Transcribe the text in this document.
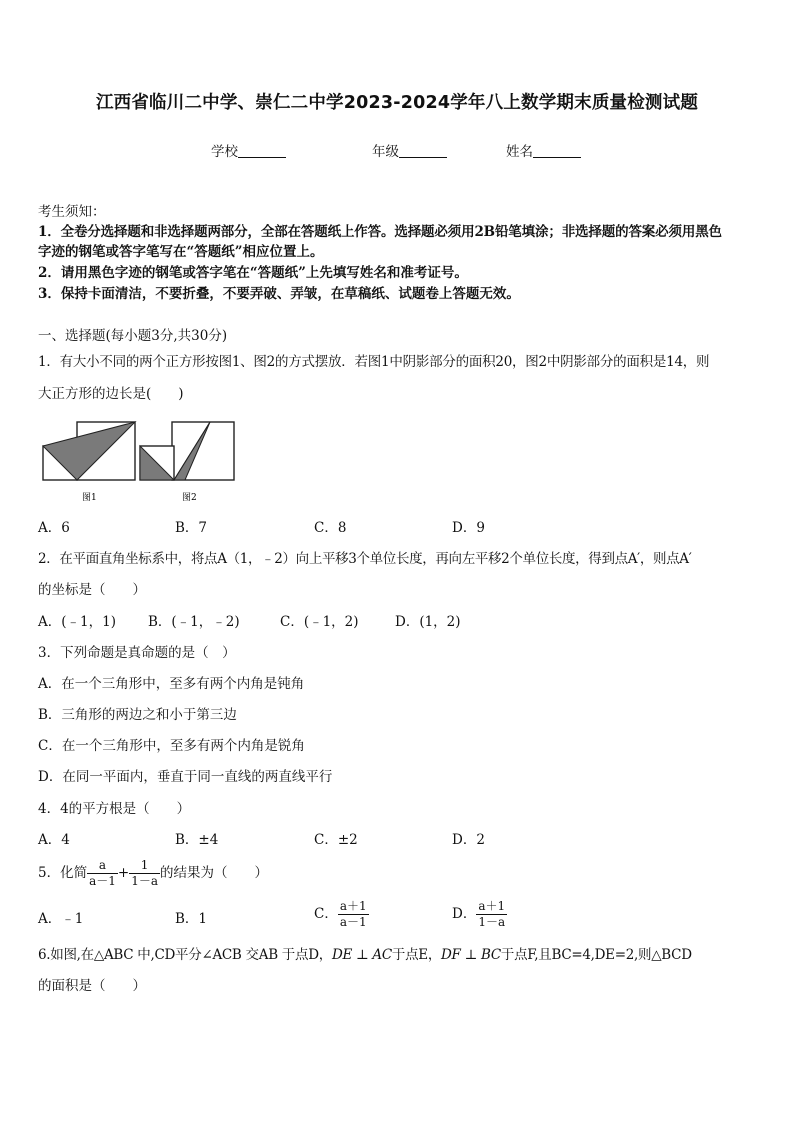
江西省临川二中学、崇仁二中学2023-2024学年八上数学期末质量检测试题
学校	年级	姓名
考生须知：
1．全卷分选择题和非选择题两部分，全部在答题纸上作答。选择题必须用2B铅笔填涂；非选择题的答案必须用黑色
字迹的钢笔或答字笔写在“答题纸”相应位置上。
2．请用黑色字迹的钢笔或答字笔在“答题纸”上先填写姓名和准考证号。
3．保持卡面清洁，不要折叠，不要弄破、弄皱，在草稿纸、试题卷上答题无效。
一、选择题(每小题3分,共30分)
1．有大小不同的两个正方形按图1、图2的方式摆放．若图1中阴影部分的面积20，图2中阴影部分的面积是14，则
大正方形的边长是(　　)
图1	图2
A．6	B．7	C．8	D．9
2．在平面直角坐标系中，将点A（1，﹣2）向上平移3个单位长度，再向左平移2个单位长度，得到点A′，则点A′
的坐标是（　　）
A．(﹣1，1) B．(﹣1，﹣2)	C．(﹣1，2)	D．(1，2)
3．下列命题是真命题的是（　）
A．在一个三角形中，至多有两个内角是钝角
B．三角形的两边之和小于第三边
C．在一个三角形中，至多有两个内角是锐角
D．在同一平面内，垂直于同一直线的两直线平行
4．4的平方根是（　　）
A．4	B．±4	C．±2	D．2
5．化简 $\frac{a}{a-1} + \frac{1}{1-a}$ 的结果为（　　）
A．﹣1	B．1	C． $\frac{a+1}{a-1}$	D． $\frac{a+1}{1-a}$
6.如图,在△ABC 中,CD平分∠ACB 交AB 于点D，DE ⊥ AC于点E，DF ⊥ BC于点F,且BC=4,DE=2,则△BCD
的面积是（　　）
